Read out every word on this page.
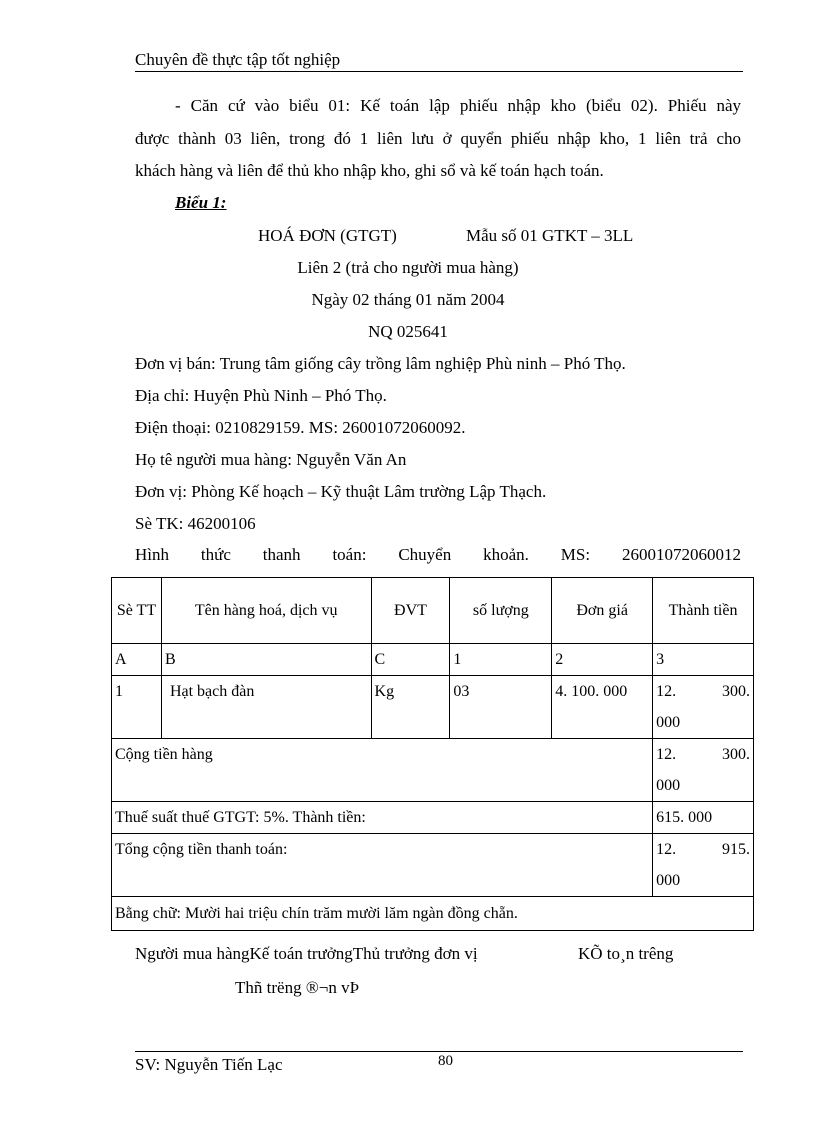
Chuyên đề thực tập tốt nghiệp
- Căn cứ vào biểu 01: Kế toán lập phiếu nhập kho (biểu 02). Phiếu này
được thành 03 liên, trong đó 1 liên lưu ở quyển phiếu nhập kho, 1 liên trả cho
khách hàng và liên để thủ kho nhập kho, ghi sổ và kế toán hạch toán.
Biểu 1:
HOÁ ĐƠN (GTGT)	Mẫu số 01 GTKT – 3LL
Liên 2 (trả cho người mua hàng)
Ngày 02 tháng 01 năm 2004
NQ 025641
Đơn vị bán: Trung tâm giống cây trồng lâm nghiệp Phù ninh – Phó Thọ.
Địa chỉ: Huyện Phù Ninh – Phó Thọ.
Điện thoại: 0210829159. MS: 26001072060092.
Họ tê người mua hàng: Nguyễn Văn An
Đơn vị: Phòng Kế hoạch – Kỹ thuật Lâm trường Lập Thạch.
Sè TK: 46200106
Hình thức thanh toán: Chuyển khoản. MS: 26001072060012
Sè TT	Tên hàng hoá, dịch vụ	ĐVT	số lượng	Đơn giá	Thành tiền
A	B	C	1	2	3
1	Hạt bạch đàn	Kg	03	4. 100. 000	12. 300.
000

Cộng tiền hàng					12. 300.
000

Thuế suất thuế GTGT: 5%. Thành tiền:					615. 000
Tổng cộng tiền thanh toán:					12. 915.
000

Bằng chữ: Mười hai triệu chín trăm mười lăm ngàn đồng chẵn.					
Người mua hàngKế toán trưởngThủ trưởng đơn vị	KÕ to¸n trêng
Thñ trëng ®¬n vÞ
SV: Nguyễn Tiến Lạc	80
